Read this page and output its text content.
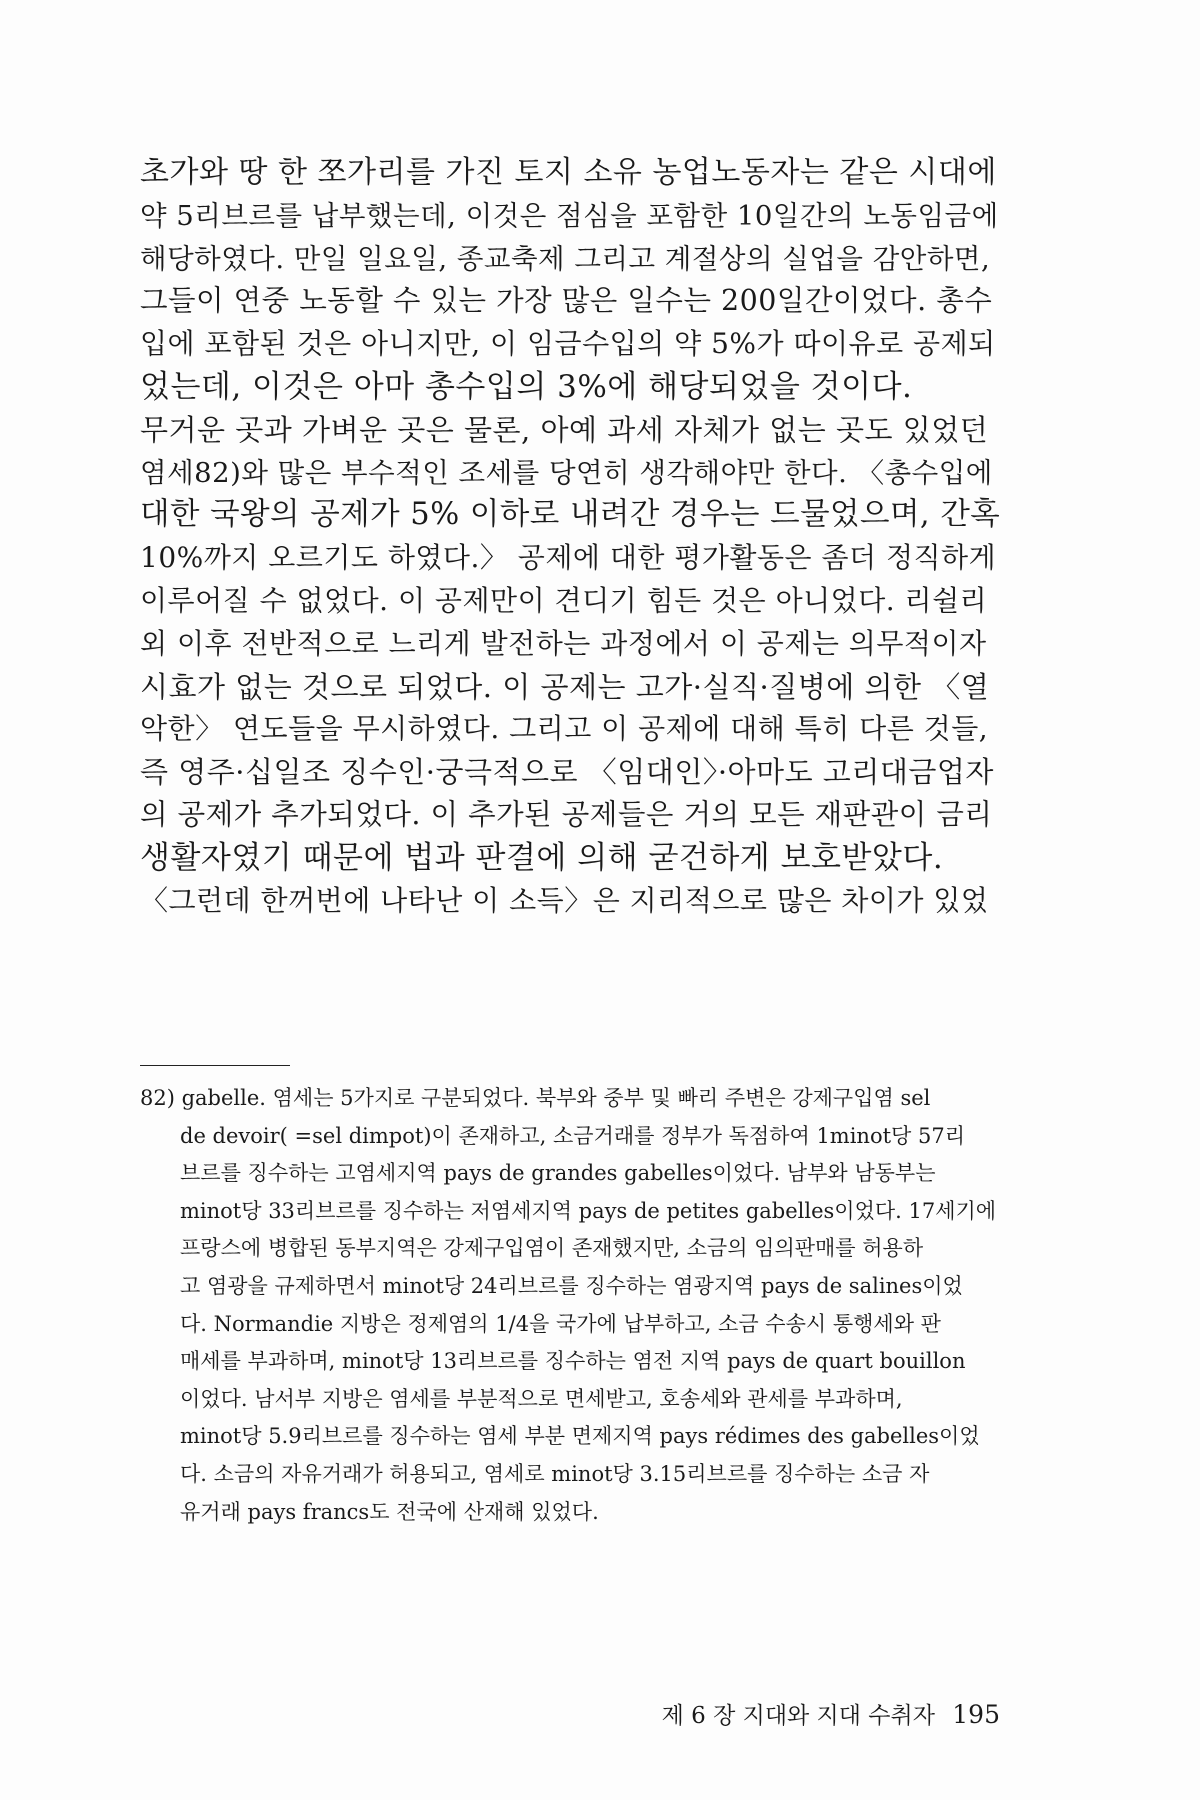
초가와 땅 한 쪼가리를 가진 토지 소유 농업노동자는 같은 시대에
약 5리브르를 납부했는데, 이것은 점심을 포함한 10일간의 노동임금에
해당하였다. 만일 일요일, 종교축제 그리고 계절상의 실업을 감안하면,
그들이 연중 노동할 수 있는 가장 많은 일수는 200일간이었다. 총수
입에 포함된 것은 아니지만, 이 임금수입의 약 5%가 따이유로 공제되
었는데, 이것은 아마 총수입의 3%에 해당되었을 것이다.
무거운 곳과 가벼운 곳은 물론, 아예 과세 자체가 없는 곳도 있었던
염세82)와 많은 부수적인 조세를 당연히 생각해야만 한다. 〈총수입에
대한 국왕의 공제가 5% 이하로 내려간 경우는 드물었으며, 간혹
10%까지 오르기도 하였다.〉 공제에 대한 평가활동은 좀더 정직하게
이루어질 수 없었다. 이 공제만이 견디기 힘든 것은 아니었다. 리쉴리
외 이후 전반적으로 느리게 발전하는 과정에서 이 공제는 의무적이자
시효가 없는 것으로 되었다. 이 공제는 고가·실직·질병에 의한 〈열
악한〉 연도들을 무시하였다. 그리고 이 공제에 대해 특히 다른 것들,
즉 영주·십일조 징수인·궁극적으로 〈임대인〉·아마도 고리대금업자
의 공제가 추가되었다. 이 추가된 공제들은 거의 모든 재판관이 금리
생활자였기 때문에 법과 판결에 의해 굳건하게 보호받았다.
〈그런데 한꺼번에 나타난 이 소득〉은 지리적으로 많은 차이가 있었
82) gabelle. 염세는 5가지로 구분되었다. 북부와 중부 및 빠리 주변은 강제구입염 sel
de devoir( =sel dimpot)이 존재하고, 소금거래를 정부가 독점하여 1minot당 57리
브르를 징수하는 고염세지역 pays de grandes gabelles이었다. 남부와 남동부는
minot당 33리브르를 징수하는 저염세지역 pays de petites gabelles이었다. 17세기에
프랑스에 병합된 동부지역은 강제구입염이 존재했지만, 소금의 임의판매를 허용하
고 염광을 규제하면서 minot당 24리브르를 징수하는 염광지역 pays de salines이었
다. Normandie 지방은 정제염의 1/4을 국가에 납부하고, 소금 수송시 통행세와 판
매세를 부과하며, minot당 13리브르를 징수하는 염전 지역 pays de quart bouillon
이었다. 남서부 지방은 염세를 부분적으로 면세받고, 호송세와 관세를 부과하며,
minot당 5.9리브르를 징수하는 염세 부분 면제지역 pays rédimes des gabelles이었
다. 소금의 자유거래가 허용되고, 염세로 minot당 3.15리브르를 징수하는 소금 자
유거래 pays francs도 전국에 산재해 있었다.
제 6 장 지대와 지대 수취자 195
